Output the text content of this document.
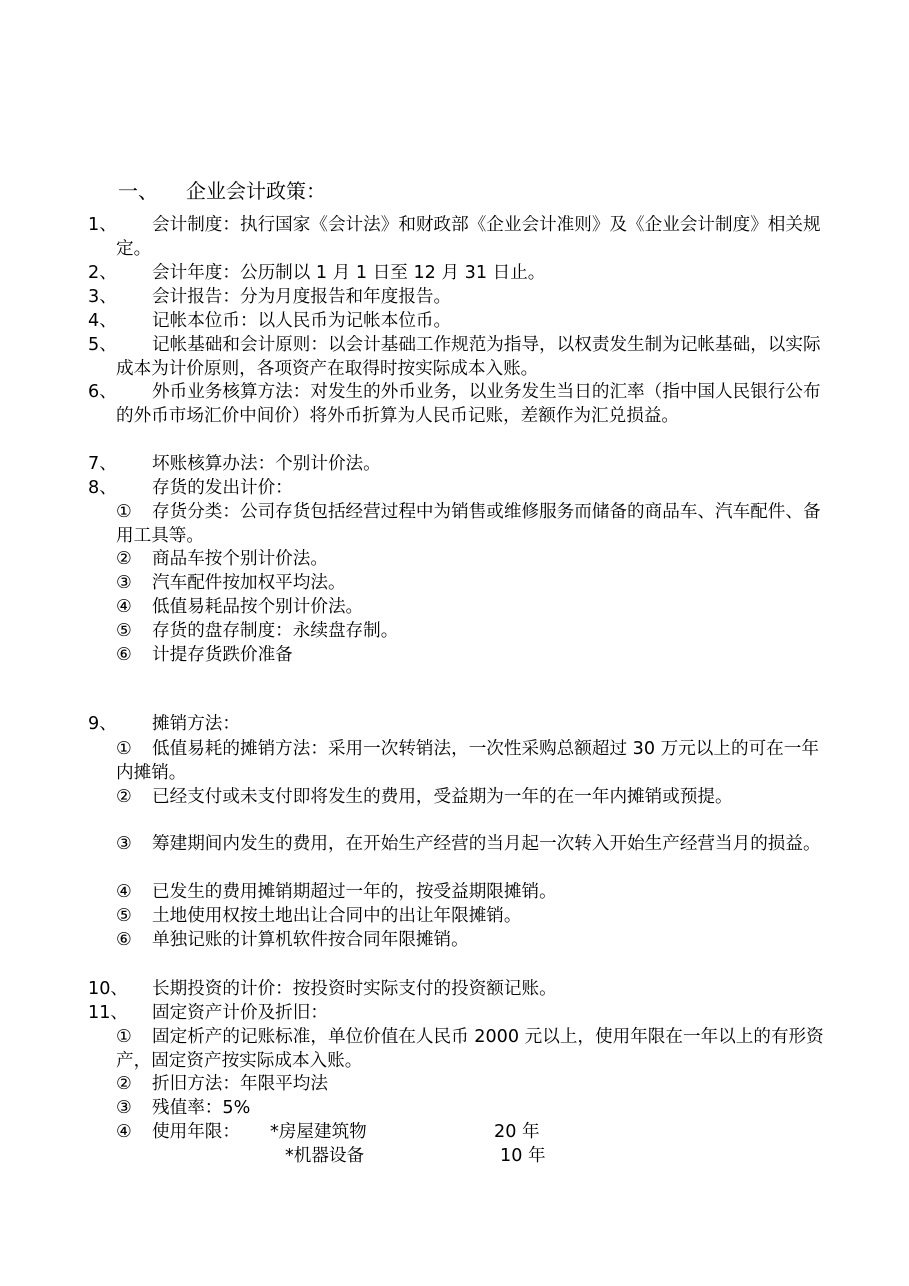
一、 企业会计政策：
1、	会计制度：执行国家《会计法》和财政部《企业会计准则》及《企业会计制度》相关规定。
2、	会计年度：公历制以 1 月 1 日至 12 月 31 日止。
3、	会计报告：分为月度报告和年度报告。
4、	记帐本位币：以人民币为记帐本位币。
5、	记帐基础和会计原则：以会计基础工作规范为指导，以权责发生制为记帐基础，以实际成本为计价原则，各项资产在取得时按实际成本入账。
6、	外币业务核算方法：对发生的外币业务，以业务发生当日的汇率（指中国人民银行公布的外币市场汇价中间价）将外币折算为人民币记账，差额作为汇兑损益。
7、	坏账核算办法：个别计价法。
8、	存货的发出计价：
① 存货分类：公司存货包括经营过程中为销售或维修服务而储备的商品车、汽车配件、备用工具等。
② 商品车按个别计价法。
③ 汽车配件按加权平均法。
④ 低值易耗品按个别计价法。
⑤ 存货的盘存制度：永续盘存制。
⑥ 计提存货跌价准备
9、	摊销方法：
① 低值易耗的摊销方法：采用一次转销法，一次性采购总额超过 30 万元以上的可在一年内摊销。
② 已经支付或未支付即将发生的费用，受益期为一年的在一年内摊销或预提。
③ 筹建期间内发生的费用，在开始生产经营的当月起一次转入开始生产经营当月的损益。
④ 已发生的费用摊销期超过一年的，按受益期限摊销。
⑤ 土地使用权按土地出让合同中的出让年限摊销。
⑥ 单独记账的计算机软件按合同年限摊销。
10、	长期投资的计价：按投资时实际支付的投资额记账。
11、	固定资产计价及折旧：
① 固定析产的记账标准，单位价值在人民币 2000 元以上，使用年限在一年以上的有形资产，固定资产按实际成本入账。
② 折旧方法：年限平均法
③ 残值率：5%
④ 使用年限：	*房屋建筑物	20 年
*机器设备	10 年
